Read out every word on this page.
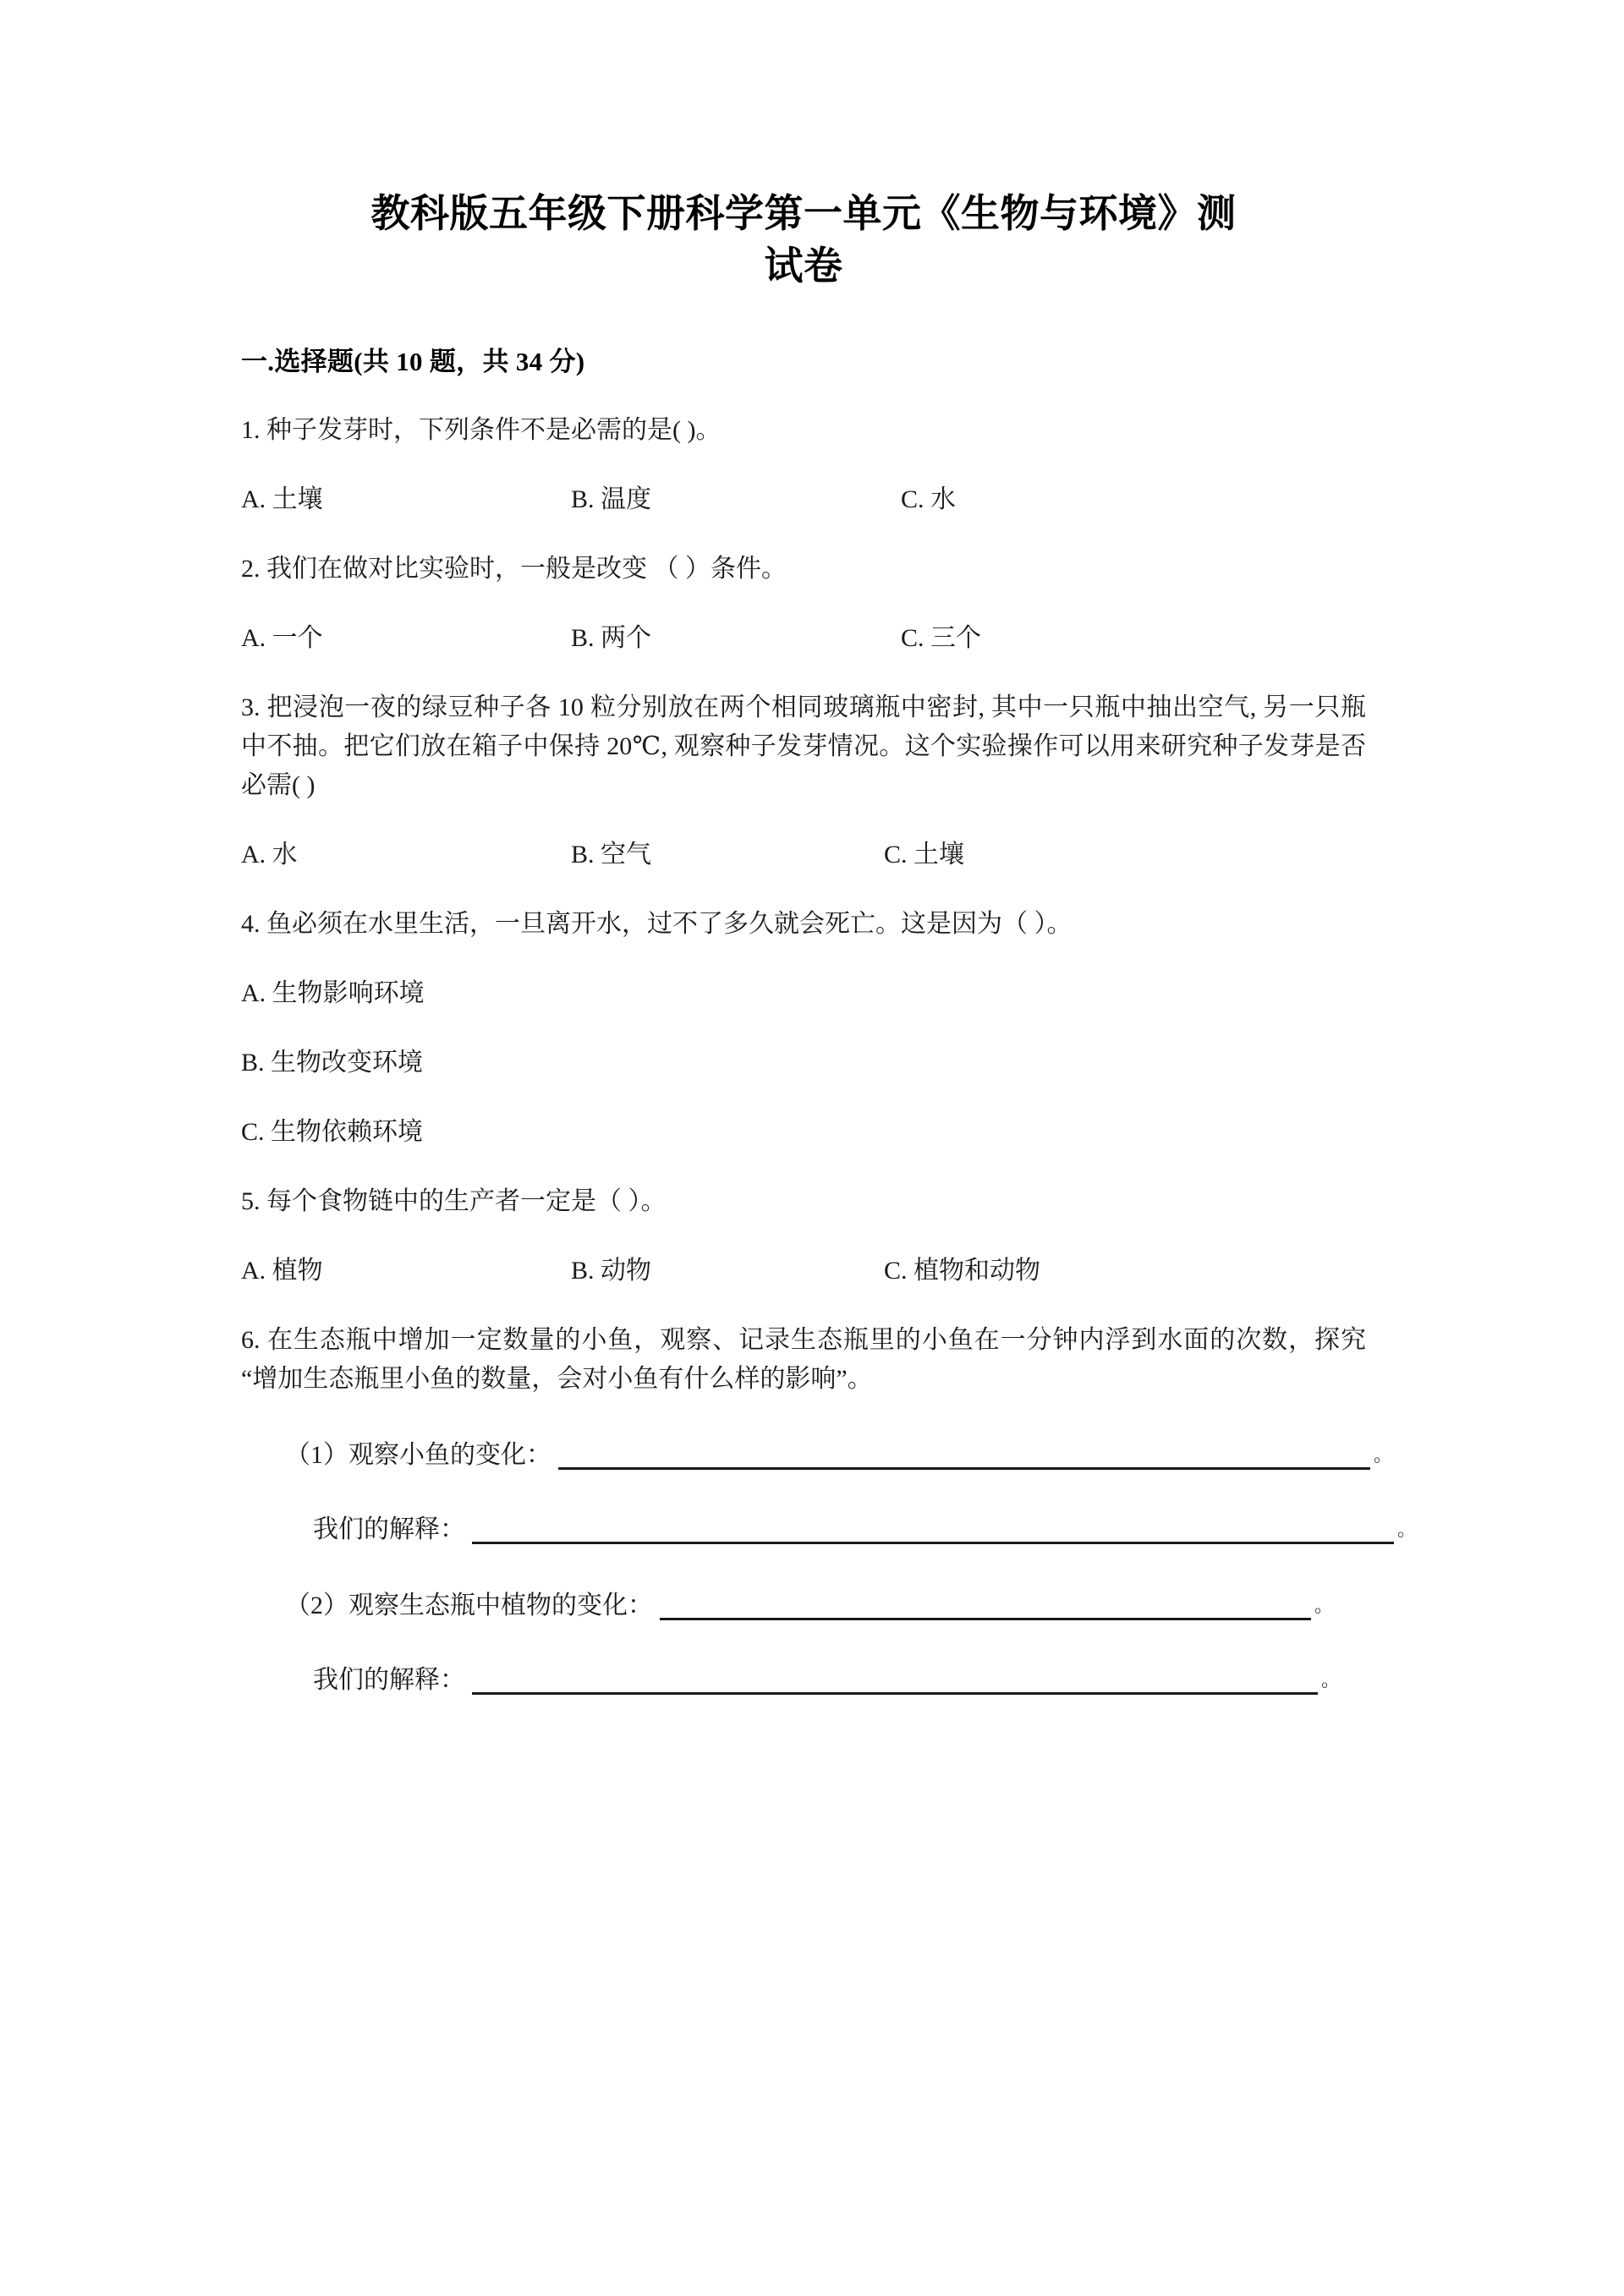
教科版五年级下册科学第一单元《生物与环境》测
试卷
一.选择题(共 10 题，共 34 分)

1. 种子发芽时，下列条件不是必需的是( )。

A. 土壤	B. 温度	C. 水

2. 我们在做对比实验时，一般是改变 （ ）条件。

A. 一个	B. 两个	C. 三个

3. 把浸泡一夜的绿豆种子各 10 粒分别放在两个相同玻璃瓶中密封, 其中一只瓶中抽出空气, 另一只瓶中不抽。把它们放在箱子中保持 20℃, 观察种子发芽情况。这个实验操作可以用来研究种子发芽是否必需( )

A. 水	B. 空气	C. 土壤

4. 鱼必须在水里生活，一旦离开水，过不了多久就会死亡。这是因为（ ）。

A. 生物影响环境

B. 生物改变环境

C. 生物依赖环境

5. 每个食物链中的生产者一定是（ ）。

A. 植物	B. 动物	C. 植物和动物

6. 在生态瓶中增加一定数量的小鱼，观察、记录生态瓶里的小鱼在一分钟内浮到水面的次数，探究“增加生态瓶里小鱼的数量，会对小鱼有什么样的影响”。

（1）观察小鱼的变化：	。
我们的解释：	。
（2）观察生态瓶中植物的变化：	。
我们的解释：	。
